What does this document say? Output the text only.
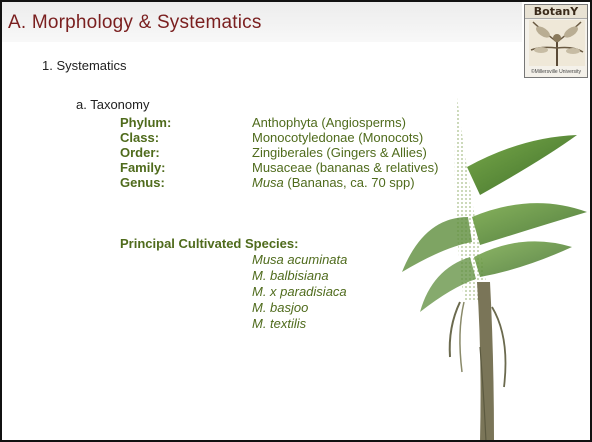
A. Morphology & Systematics
BotanY
©Millersville University
1. Systematics
a. Taxonomy
Phylum:	Anthophyta (Angiosperms)
Class:	Monocotyledonae (Monocots)
Order:	Zingiberales (Gingers & Allies)
Family:	Musaceae (bananas & relatives)
Genus:	Musa (Bananas, ca. 70 spp)
Principal Cultivated Species:
Musa acuminata
M. balbisiana
M. x paradisiaca
M. basjoo
M. textilis
